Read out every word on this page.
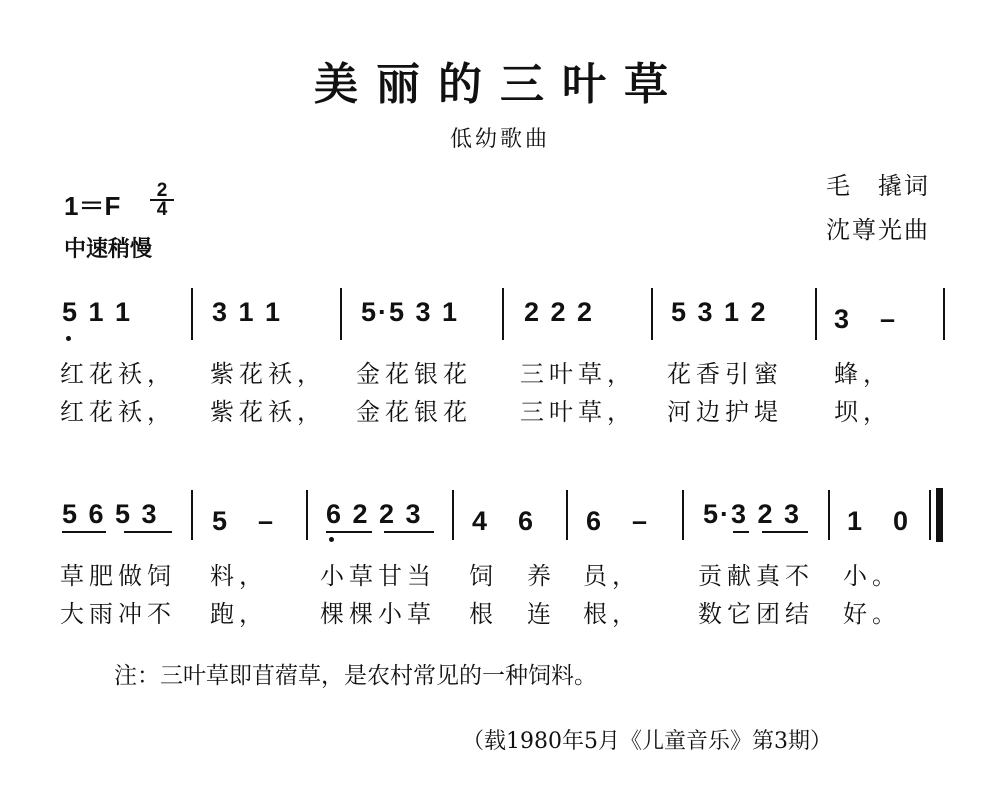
美丽的三叶草
低幼歌曲
毛　撬词
沈尊光曲
$1=F \frac{2}{4}$
中速稍慢
5 1 1	3 1 1	5·5 3 1 2 2 2	5 3 1 2 3　–
红花袄， 紫花袄， 金花银花 三叶草， 花香引蜜 蜂，
红花袄， 紫花袄， 金花银花 三叶草， 河边护堤 坝，
5 6 5 3 5　– 6 2 2 3 4　6 6　– 5·3 2 3 1　0
草肥做饲 料， 小草甘当 饲　养 员， 贡献真不 小。
大雨冲不 跑， 棵棵小草 根　连 根， 数它团结 好。
注：三叶草即苜蓿草，是农村常见的一种饲料。
（载1980年5月《儿童音乐》第3期）
